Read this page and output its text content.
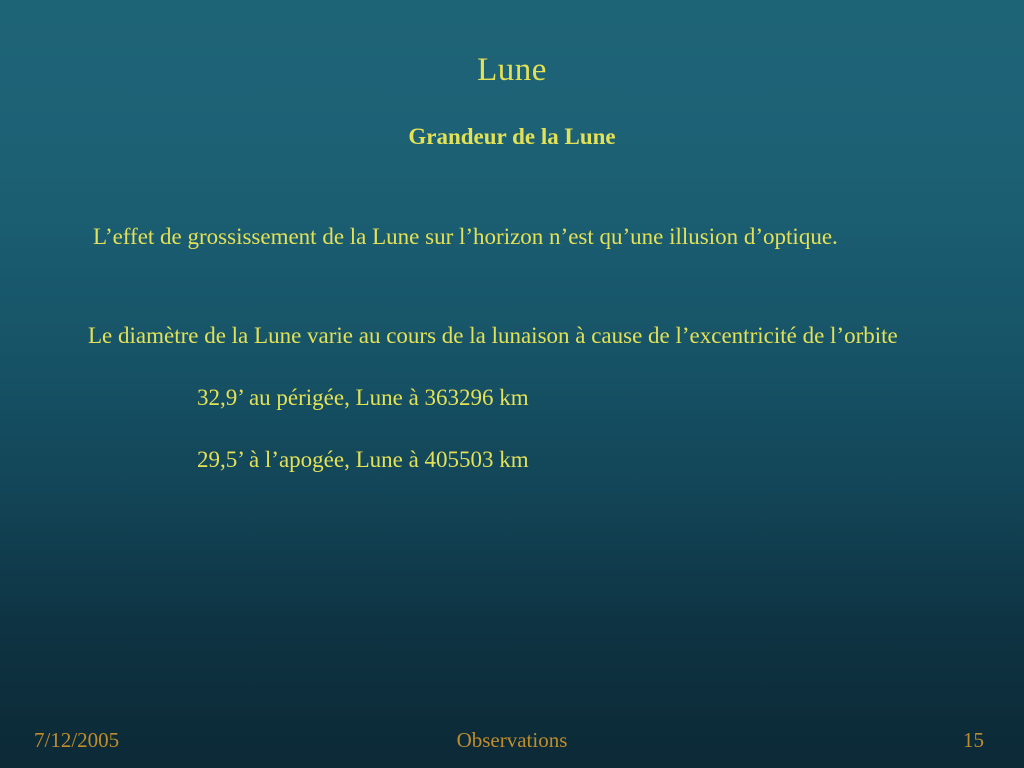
Lune
Grandeur de la Lune
L’effet de grossissement de la Lune sur l’horizon n’est qu’une illusion d’optique.
Le diamètre de la Lune varie au cours de la lunaison à cause de l’excentricité de l’orbite
32,9’ au périgée, Lune à 363296 km
29,5’ à l’apogée, Lune à 405503 km
7/12/2005	Observations	15
